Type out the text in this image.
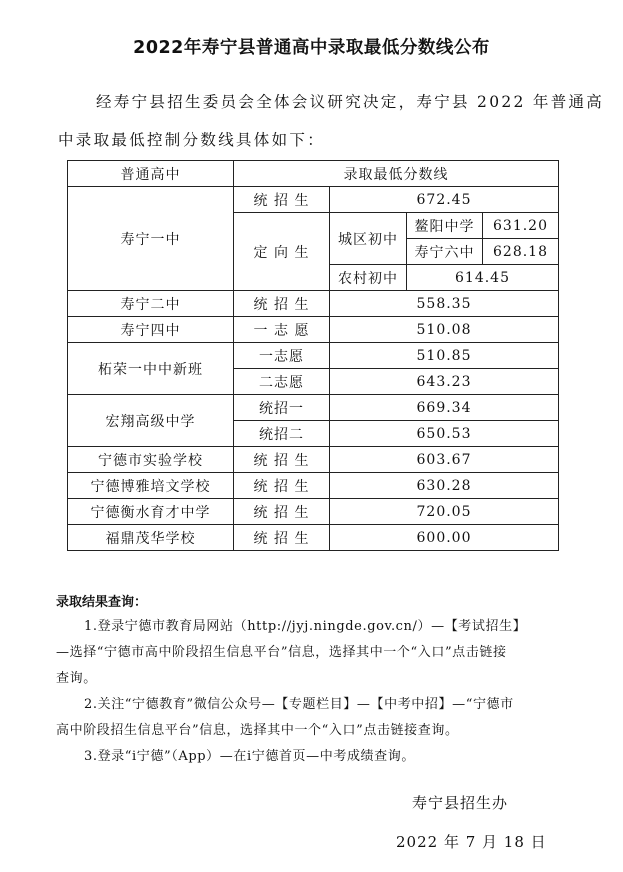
2022年寿宁县普通高中录取最低分数线公布
经寿宁县招生委员会全体会议研究决定，寿宁县 2022 年普通高
中录取最低控制分数线具体如下：
普通高中	录取最低分数线			
寿宁一中	统 招 生	672.45		
	定 向 生	城区初中	鳌阳中学	631.20
			寿宁六中	628.18
		农村初中	614.45	
寿宁二中	统 招 生	558.35		
寿宁四中	一 志 愿	510.08		
柘荣一中中新班	一志愿	510.85		
	二志愿	643.23		
宏翔高级中学	统招一	669.34		
	统招二	650.53		
宁德市实验学校	统 招 生	603.67		
宁德博雅培文学校	统 招 生	630.28		
宁德衡水育才中学	统 招 生	720.05		
福鼎茂华学校	统 招 生	600.00		
录取结果查询：
1.登录宁德市教育局网站（http://jyj.ningde.gov.cn/）—【考试招生】
—选择“宁德市高中阶段招生信息平台”信息，选择其中一个“入口”点击链接
查询。
2.关注“宁德教育”微信公众号—【专题栏目】—【中考中招】—“宁德市
高中阶段招生信息平台”信息，选择其中一个“入口”点击链接查询。
3.登录“i宁德”（App）—在i宁德首页—中考成绩查询。
寿宁县招生办
2022 年 7 月 18 日
